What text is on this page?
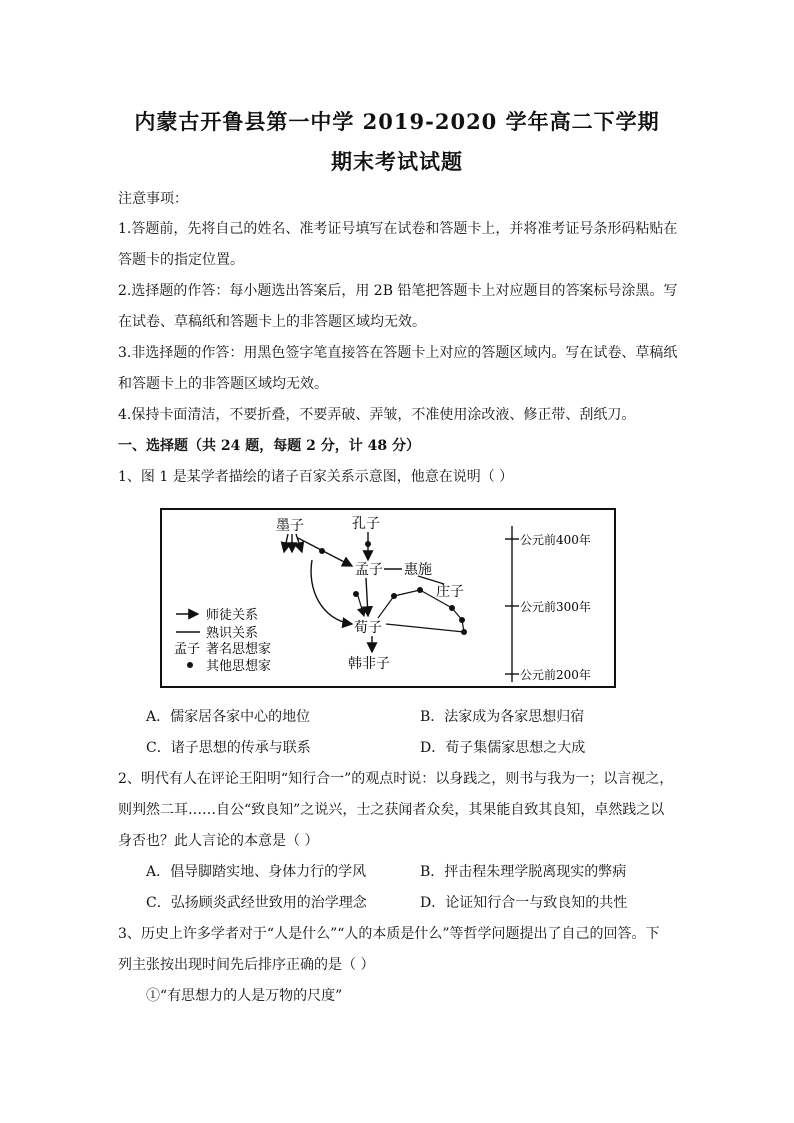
内蒙古开鲁县第一中学 2019-2020 学年高二下学期
期末考试试题
注意事项：
1.答题前，先将自己的姓名、准考证号填写在试卷和答题卡上，并将准考证号条形码粘贴在
答题卡的指定位置。
2.选择题的作答：每小题选出答案后，用 2B 铅笔把答题卡上对应题目的答案标号涂黑。写
在试卷、草稿纸和答题卡上的非答题区域均无效。
3.非选择题的作答：用黑色签字笔直接答在答题卡上对应的答题区域内。写在试卷、草稿纸
和答题卡上的非答题区域均无效。
4.保持卡面清洁，不要折叠，不要弄破、弄皱，不准使用涂改液、修正带、刮纸刀。
一、选择题（共 24 题，每题 2 分，计 48 分）
1、图 1 是某学者描绘的诸子百家关系示意图，他意在说明（ ）
墨子	孔子
孟子 惠施
庄子
荀子
韩非子
师徒关系
熟识关系
孟子 著名思想家
其他思想家
公元前400年
公元前300年
公元前200年
A．儒家居各家中心的地位	B．法家成为各家思想归宿
C．诸子思想的传承与联系	D．荀子集儒家思想之大成
2、明代有人在评论王阳明“知行合一”的观点时说：以身践之，则书与我为一；以言视之，
则判然二耳……自公“致良知”之说兴，士之获闻者众矣，其果能自致其良知，卓然践之以
身否也？此人言论的本意是（ ）
A．倡导脚踏实地、身体力行的学风	B．抨击程朱理学脱离现实的弊病
C．弘扬顾炎武经世致用的治学理念	D．论证知行合一与致良知的共性
3、历史上许多学者对于“人是什么”“人的本质是什么”等哲学问题提出了自己的回答。下
列主张按出现时间先后排序正确的是（ ）
①“有思想力的人是万物的尺度”
